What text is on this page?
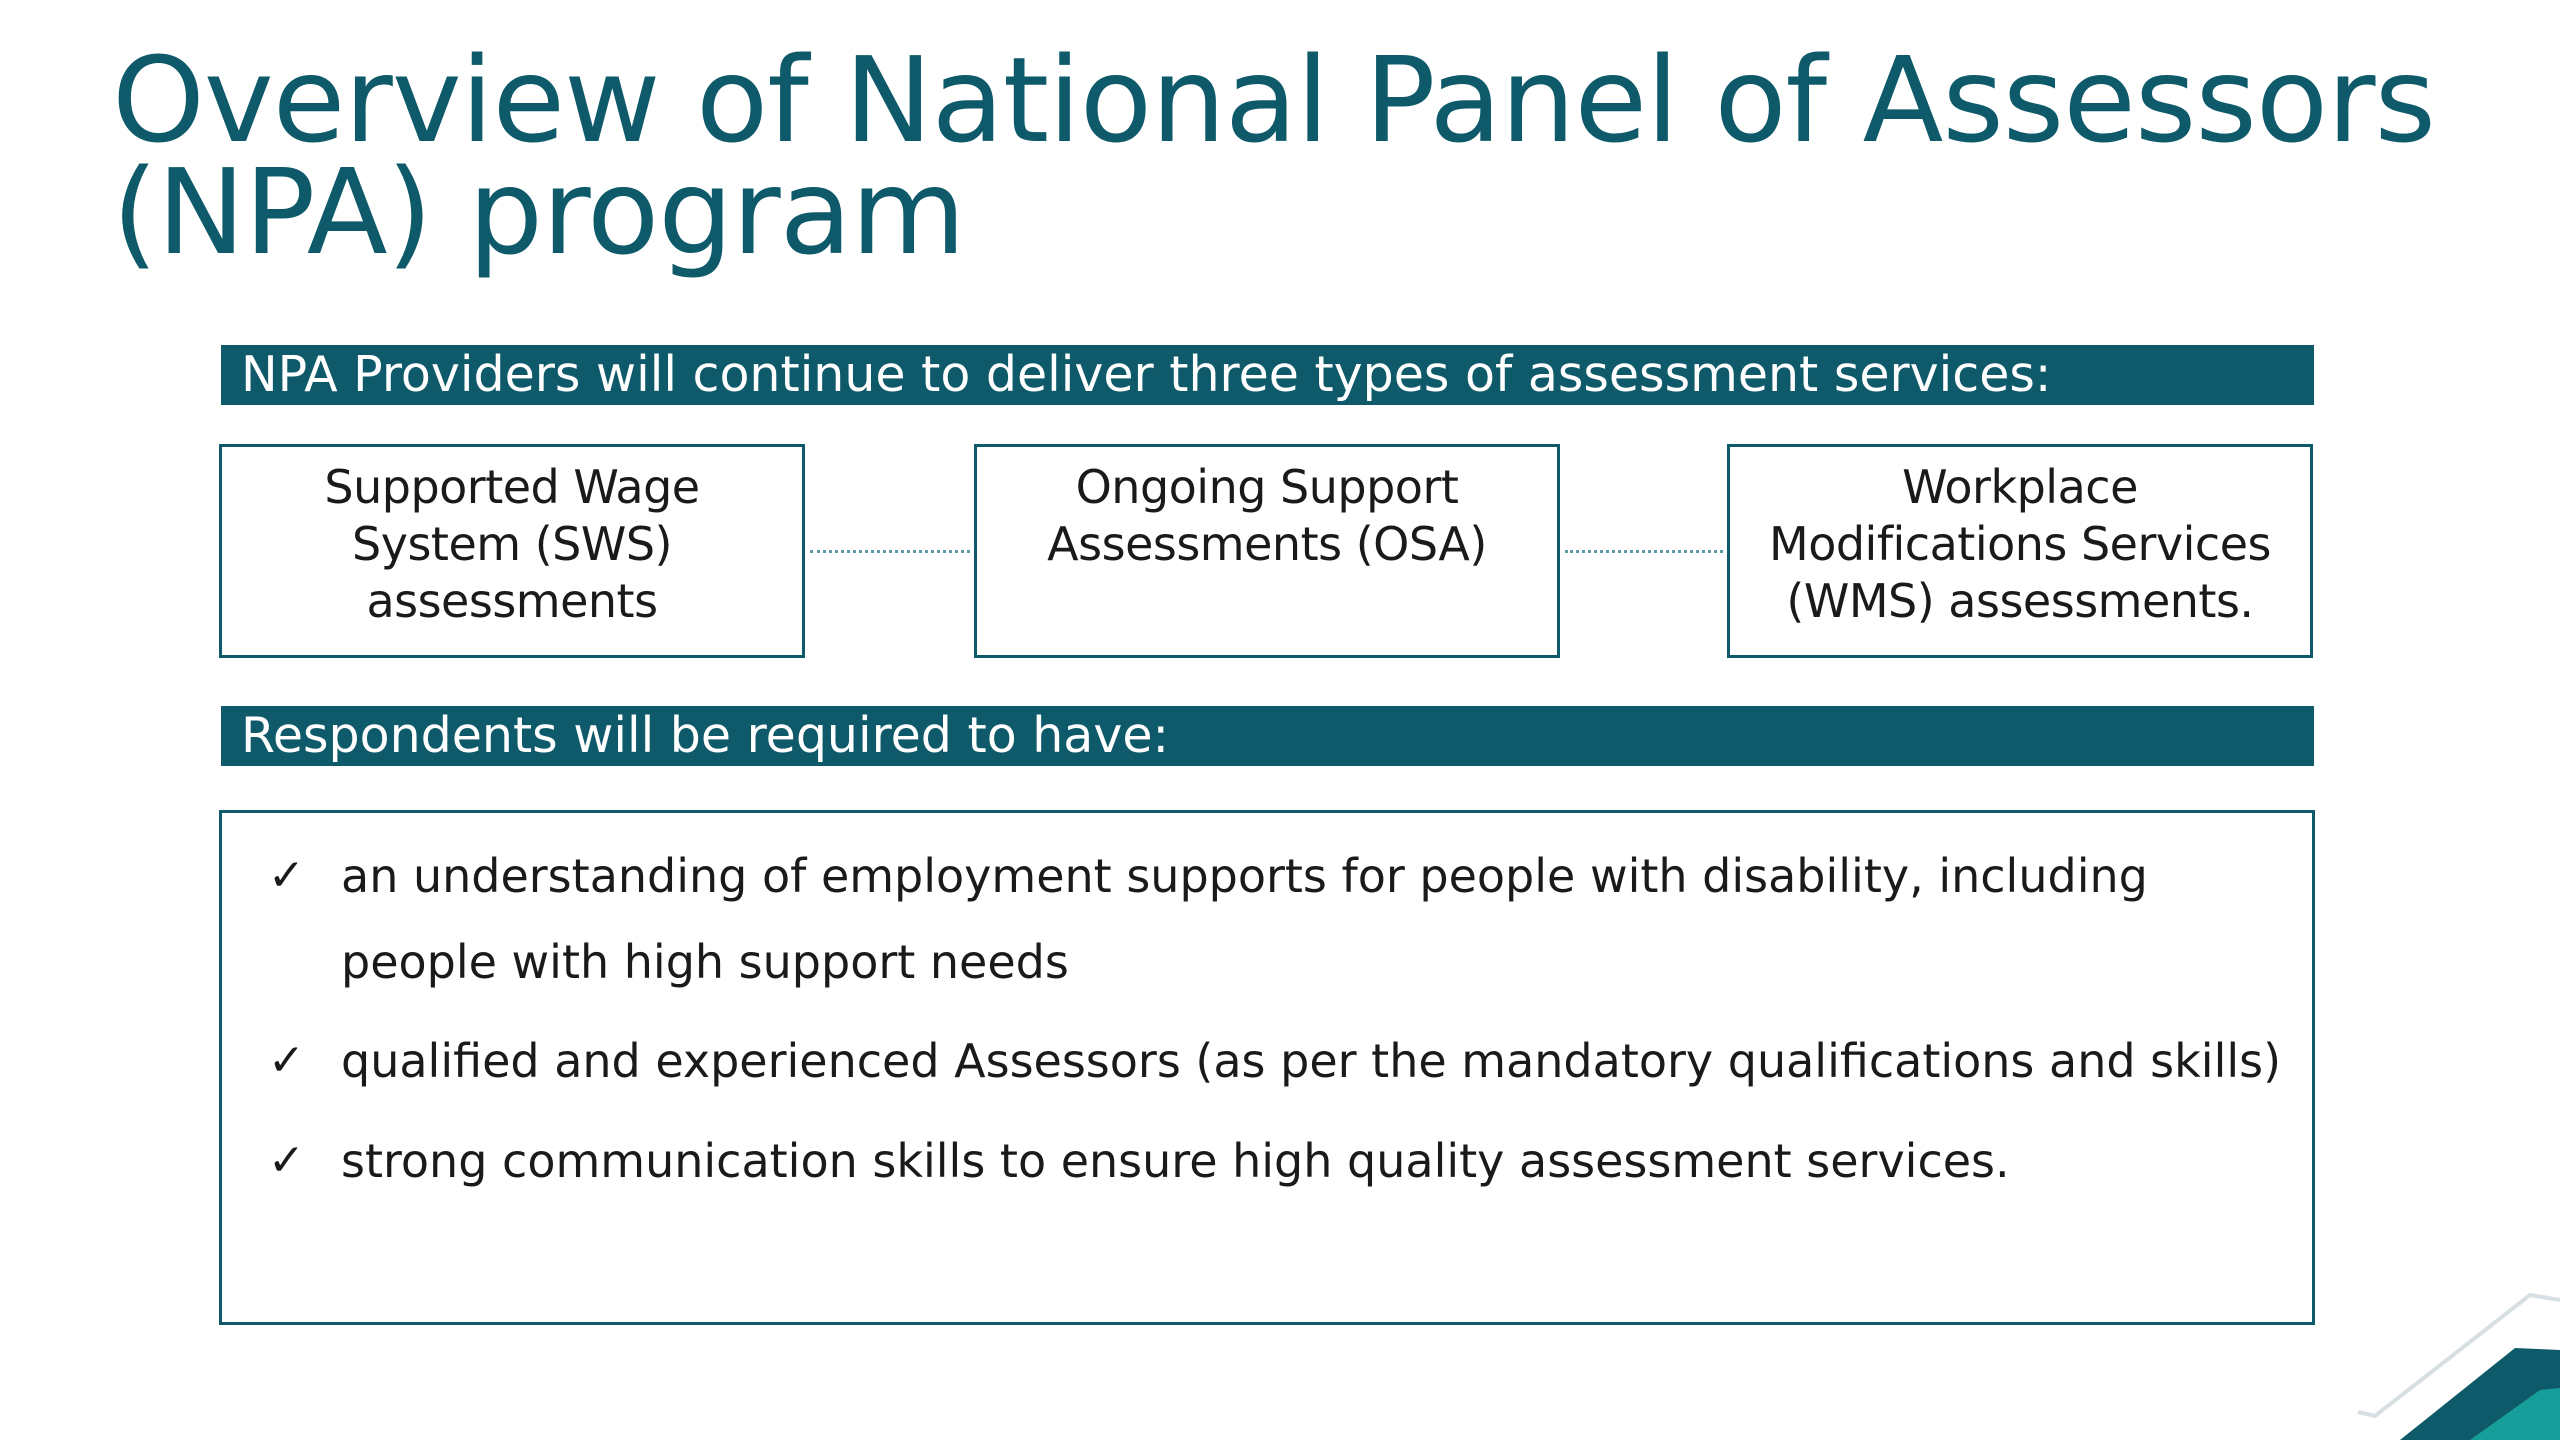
Overview of National Panel of Assessors (NPA) program
NPA Providers will continue to deliver three types of assessment services:
Supported Wage System (SWS) assessments
Ongoing Support Assessments (OSA)
Workplace Modifications Services (WMS) assessments.
Respondents will be required to have:
✓ an understanding of employment supports for people with disability, including people with high support needs
✓ qualified and experienced Assessors (as per the mandatory qualifications and skills)
✓ strong communication skills to ensure high quality assessment services.
